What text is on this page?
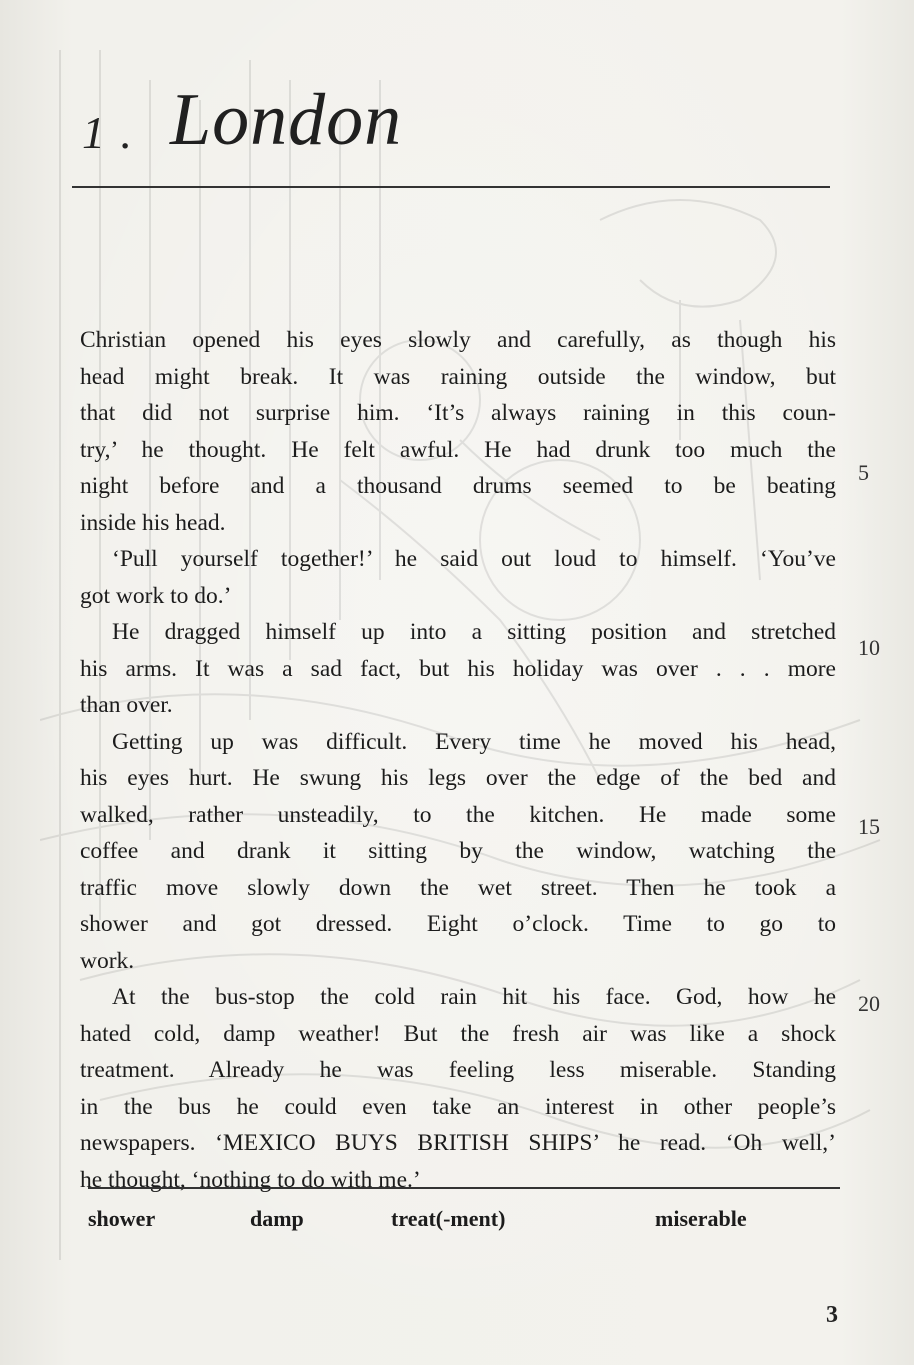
1 . London
Christian opened his eyes slowly and carefully, as though his
head might break. It was raining outside the window, but
that did not surprise him. ‘It’s always raining in this coun-
try,’ he thought. He felt awful. He had drunk too much the
night before and a thousand drums seemed to be beating
inside his head.
‘Pull yourself together!’ he said out loud to himself. ‘You’ve
got work to do.’
He dragged himself up into a sitting position and stretched
his arms. It was a sad fact, but his holiday was over . . . more
than over.
Getting up was difficult. Every time he moved his head,
his eyes hurt. He swung his legs over the edge of the bed and
walked, rather unsteadily, to the kitchen. He made some
coffee and drank it sitting by the window, watching the
traffic move slowly down the wet street. Then he took a
shower and got dressed. Eight o’clock. Time to go to
work.
At the bus-stop the cold rain hit his face. God, how he
hated cold, damp weather! But the fresh air was like a shock
treatment. Already he was feeling less miserable. Standing
in the bus he could even take an interest in other people’s
newspapers. ‘MEXICO BUYS BRITISH SHIPS’ he read. ‘Oh well,’
he thought, ‘nothing to do with me.’
5
10
15
20
shower	damp	treat(-ment)	miserable
3
